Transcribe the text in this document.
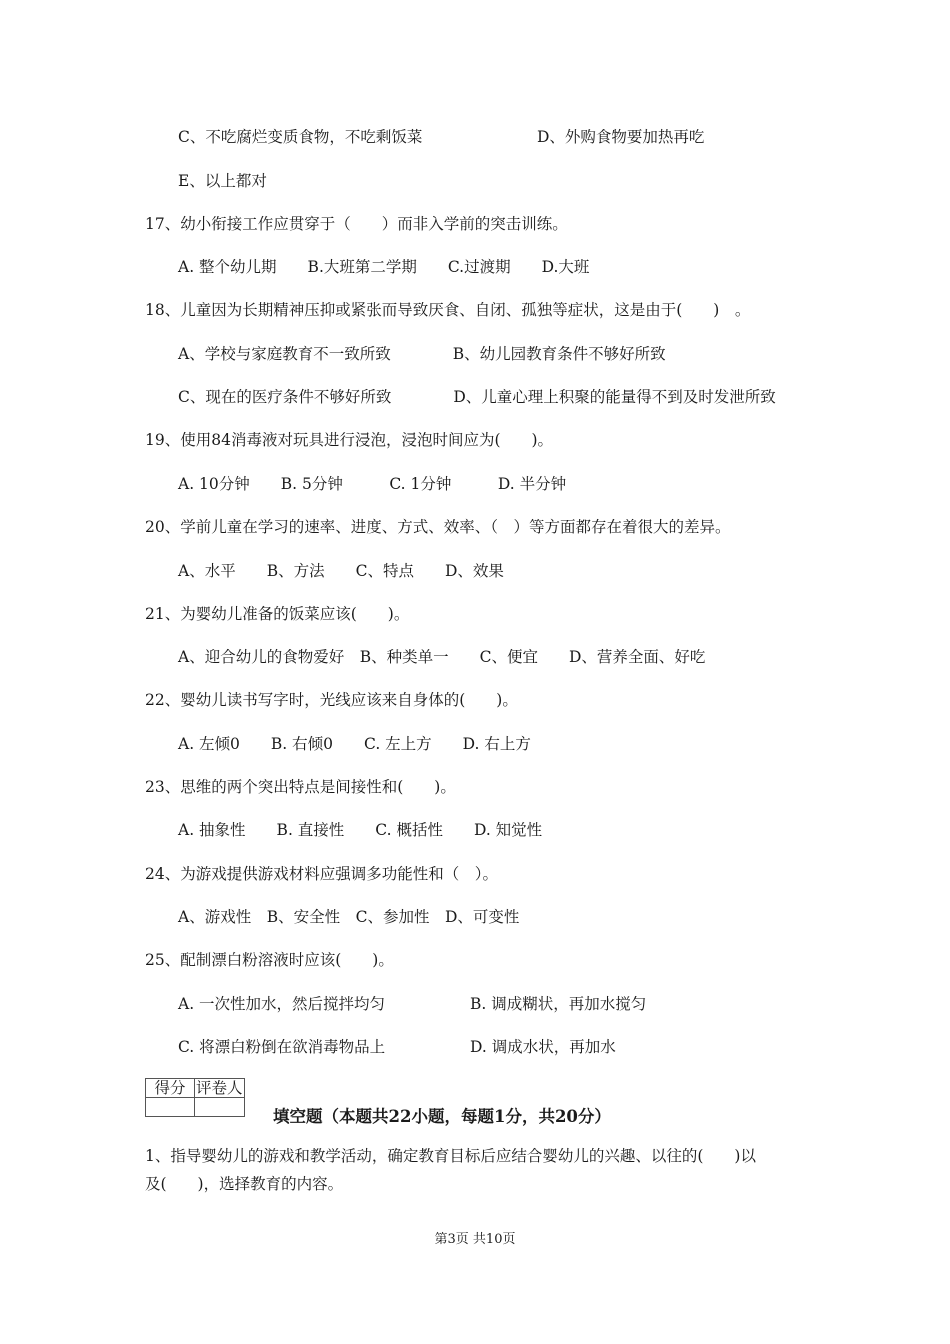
C、不吃腐烂变质食物，不吃剩饭菜	D、外购食物要加热再吃
E、以上都对
17、幼小衔接工作应贯穿于（　　）而非入学前的突击训练。
A. 整个幼儿期　　B.大班第二学期　　C.过渡期　　D.大班
18、儿童因为长期精神压抑或紧张而导致厌食、自闭、孤独等症状，这是由于(　　)　。
A、学校与家庭教育不一致所致　　　　B、幼儿园教育条件不够好所致
C、现在的医疗条件不够好所致　　　　D、儿童心理上积聚的能量得不到及时发泄所致
19、使用84消毒液对玩具进行浸泡，浸泡时间应为(　　)。
A. 10分钟　　B. 5分钟　　　C. 1分钟　　　D. 半分钟
20、学前儿童在学习的速率、进度、方式、效率、（　）等方面都存在着很大的差异。
A、水平　　B、方法　　C、特点　　D、效果
21、为婴幼儿准备的饭菜应该(　　)。
A、迎合幼儿的食物爱好　B、种类单一　　C、便宜　　D、营养全面、好吃
22、婴幼儿读书写字时，光线应该来自身体的(　　)。
A. 左倾0　　B. 右倾0　　C. 左上方　　D. 右上方
23、思维的两个突出特点是间接性和(　　)。
A. 抽象性　　B. 直接性　　C. 概括性　　D. 知觉性
24、为游戏提供游戏材料应强调多功能性和（　）。
A、游戏性　B、安全性　C、参加性　D、可变性
25、配制漂白粉溶液时应该(　　)。
A. 一次性加水，然后搅拌均匀	B. 调成糊状，再加水搅匀
C. 将漂白粉倒在欲消毒物品上	D. 调成水状，再加水
得分	评卷人

填空题（本题共22小题，每题1分，共20分）
1、指导婴幼儿的游戏和教学活动，确定教育目标后应结合婴幼儿的兴趣、以往的(　　)以
及(　　)，选择教育的内容。
第3页 共10页
